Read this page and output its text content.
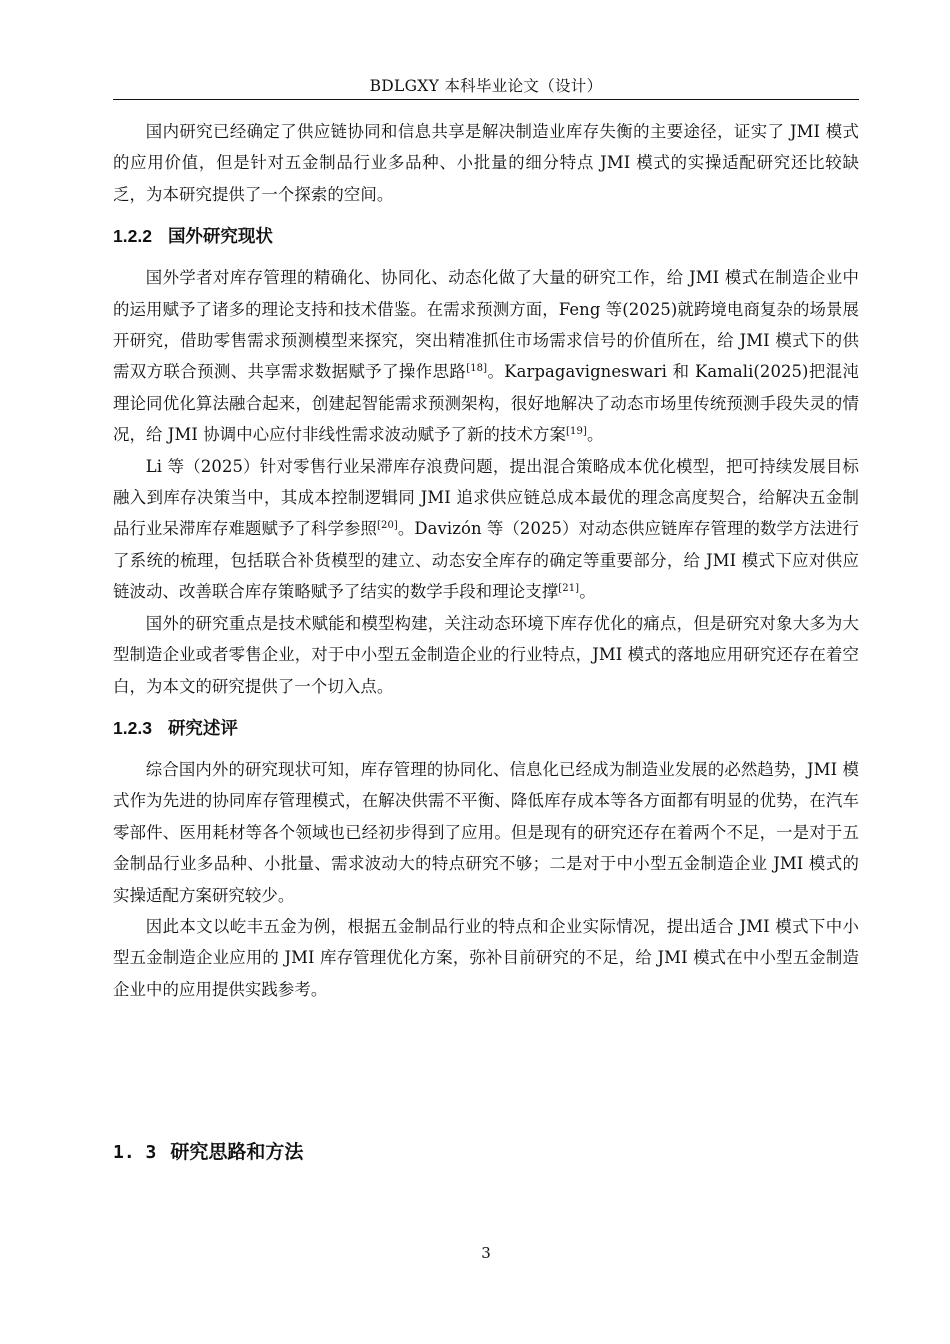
BDLGXY 本科毕业论文（设计）

国内研究已经确定了供应链协同和信息共享是解决制造业库存失衡的主要途径，证实了 JMI 模式的应用价值，但是针对五金制品行业多品种、小批量的细分特点 JMI 模式的实操适配研究还比较缺乏，为本研究提供了一个探索的空间。

1.2.2 国外研究现状

国外学者对库存管理的精确化、协同化、动态化做了大量的研究工作，给 JMI 模式在制造企业中的运用赋予了诸多的理论支持和技术借鉴。在需求预测方面，Feng 等(2025)就跨境电商复杂的场景展开研究，借助零售需求预测模型来探究，突出精准抓住市场需求信号的价值所在，给 JMI 模式下的供需双方联合预测、共享需求数据赋予了操作思路[18]。Karpagavigneswari 和 Kamali(2025)把混沌理论同优化算法融合起来，创建起智能需求预测架构，很好地解决了动态市场里传统预测手段失灵的情况，给 JMI 协调中心应付非线性需求波动赋予了新的技术方案[19]。

Li 等（2025）针对零售行业呆滞库存浪费问题，提出混合策略成本优化模型，把可持续发展目标融入到库存决策当中，其成本控制逻辑同 JMI 追求供应链总成本最优的理念高度契合，给解决五金制品行业呆滞库存难题赋予了科学参照[20]。Davizón 等（2025）对动态供应链库存管理的数学方法进行了系统的梳理，包括联合补货模型的建立、动态安全库存的确定等重要部分，给 JMI 模式下应对供应链波动、改善联合库存策略赋予了结实的数学手段和理论支撑[21]。

国外的研究重点是技术赋能和模型构建，关注动态环境下库存优化的痛点，但是研究对象大多为大型制造企业或者零售企业，对于中小型五金制造企业的行业特点，JMI 模式的落地应用研究还存在着空白，为本文的研究提供了一个切入点。

1.2.3 研究述评

综合国内外的研究现状可知，库存管理的协同化、信息化已经成为制造业发展的必然趋势，JMI 模式作为先进的协同库存管理模式，在解决供需不平衡、降低库存成本等各方面都有明显的优势，在汽车零部件、医用耗材等各个领域也已经初步得到了应用。但是现有的研究还存在着两个不足，一是对于五金制品行业多品种、小批量、需求波动大的特点研究不够；二是对于中小型五金制造企业 JMI 模式的实操适配方案研究较少。

因此本文以屹丰五金为例，根据五金制品行业的特点和企业实际情况，提出适合 JMI 模式下中小型五金制造企业应用的 JMI 库存管理优化方案，弥补目前研究的不足，给 JMI 模式在中小型五金制造企业中的应用提供实践参考。

1. 3 研究思路和方法
3
